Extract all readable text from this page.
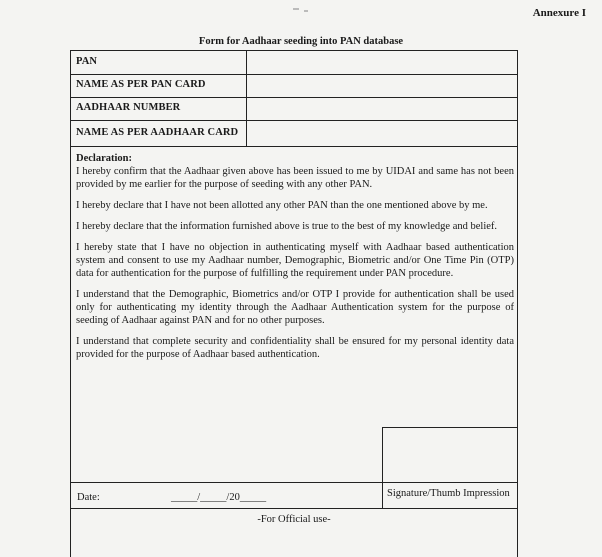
Annexure I
Form for Aadhaar seeding into PAN database
PAN
NAME AS PER PAN CARD
AADHAAR NUMBER
NAME AS PER AADHAAR CARD
Declaration:

I hereby confirm that the Aadhaar given above has been issued to me by UIDAI and same has not been provided by me earlier for the purpose of seeding with any other PAN.

I hereby declare that I have not been allotted any other PAN than the one mentioned above by me.

I hereby declare that the information furnished above is true to the best of my knowledge and belief.

I hereby state that I have no objection in authenticating myself with Aadhaar based authentication system and consent to use my Aadhaar number, Demographic, Biometric and/or One Time Pin (OTP) data for authentication for the purpose of fulfilling the requirement under PAN procedure.

I understand that the Demographic, Biometrics and/or OTP I provide for authentication shall be used only for authenticating my identity through the Aadhaar Authentication system for the purpose of seeding of Aadhaar against PAN and for no other purposes.

I understand that complete security and confidentiality shall be ensured for my personal identity data provided for the purpose of Aadhaar based authentication.

Date:	_____/_____/20_____	Signature/Thumb Impression
-For Official use-
